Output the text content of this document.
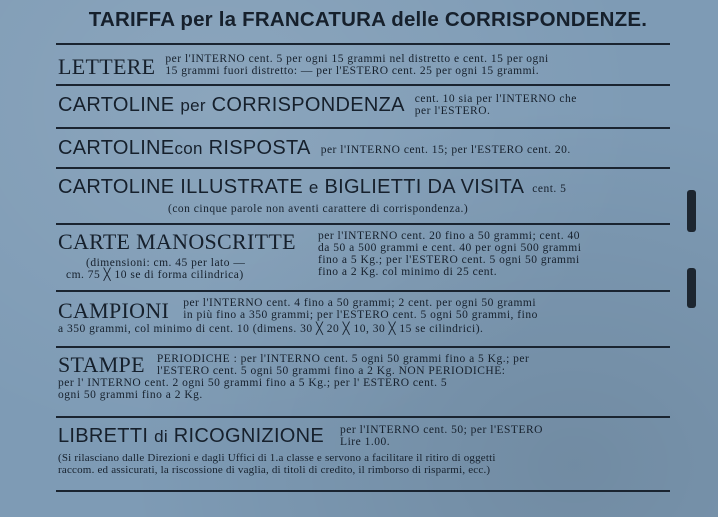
TARIFFA per la FRANCATURA delle CORRISPONDENZE.
LETTERE per l'INTERNO cent. 5 per ogni 15 grammi nel distretto e cent. 15 per ogni
15 grammi fuori distretto: — per l'ESTERO cent. 25 per ogni 15 grammi.
CARTOLINE per CORRISPONDENZA cent. 10 sia per l'INTERNO che
per l'ESTERO.
CARTOLINEcon RISPOSTA per l'INTERNO cent. 15; per l'ESTERO cent. 20.
CARTOLINE ILLUSTRATE e BIGLIETTI DA VISITA cent. 5
(con cinque parole non aventi carattere di corrispondenza.)
CARTE MANOSCRITTE
(dimensioni: cm. 45 per lato —
cm. 75 ╳ 10 se di forma cilindrica)

per l'INTERNO cent. 20 fino a 50 grammi; cent. 40
da 50 a 500 grammi e cent. 40 per ogni 500 grammi
fino a 5 Kg.; per l'ESTERO cent. 5 ogni 50 grammi
fino a 2 Kg. col minimo di 25 cent.
CAMPIONI per l'INTERNO cent. 4 fino a 50 grammi; 2 cent. per ogni 50 grammi
in più fino a 350 grammi; per l'ESTERO cent. 5 ogni 50 grammi, fino
a 350 grammi, col minimo di cent. 10 (dimens. 30 ╳ 20 ╳ 10, 30 ╳ 15 se cilindrici).
STAMPE PERIODICHE : per l'INTERNO cent. 5 ogni 50 grammi fino a 5 Kg.; per
l'ESTERO cent. 5 ogni 50 grammi fino a 2 Kg. NON PERIODICHE:
per l' INTERNO cent. 2 ogni 50 grammi fino a 5 Kg.; per l' ESTERO cent. 5
ogni 50 grammi fino a 2 Kg.
LIBRETTI di RICOGNIZIONE per l'INTERNO cent. 50; per l'ESTERO
Lire 1.00.
(Si rilasciano dalle Direzioni e dagli Uffici di 1.a classe e servono a facilitare il ritiro di oggetti
raccom. ed assicurati, la riscossione di vaglia, di titoli di credito, il rimborso di risparmi, ecc.)
